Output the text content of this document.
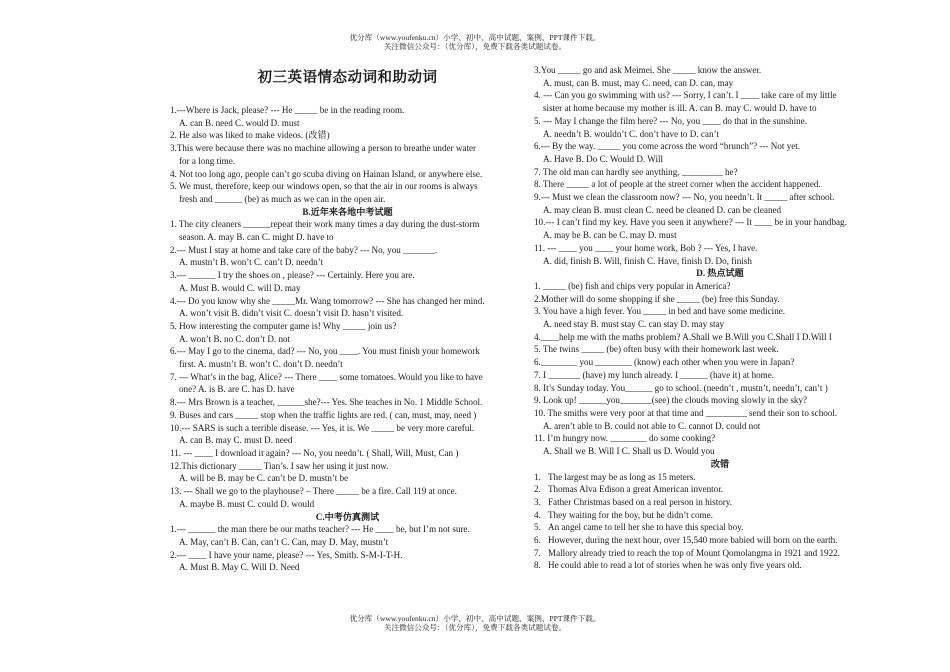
优分库（www.youfenku.cn）小学、初中、高中试题、案例、PPT课件下载。
关注微信公众号：（优分库），免费下载各类试题试卷。
初三英语情态动词和助动词
1.---Where is Jack, please? --- He _____ be in the reading room.
A. can B. need C. would D. must
2. He also was liked to make videos. (改错)
3.This were because there was no machine allowing a person to breathe under water
for a long time.
4. Not too long ago, people can’t go scuba diving on Hainan Island, or anywhere else.
5. We must, therefore, keep our windows open, so that the air in our rooms is always
fresh and ______ (be) as much as we can in the open air.
B.近年来各地中考试题
1. The city cleaners ______repeat their work many times a day during the dust-storm
season. A. may B. can C. might D. have to
2.--- Must I stay at home and take care of the baby? --- No, you _______.
A. mustn’t B. won’t C. can’t D. needn’t
3.--- ______ I try the shoes on , please? --- Certainly. Here you are.
A. Must B. would C. will D. may
4.--- Do you know why she _____Mr. Wang tomorrow? --- She has changed her mind.
A. won’t visit B. didn’t visit C. doesn’t visit D. hasn’t visited.
5. How interesting the computer game is! Why _____ join us?
A. won’t B. no C. don’t D. not
6.--- May I go to the cinema, dad? --- No, you ____. You must finish your homework
first. A. mustn’t B. won’t C. don’t D. needn’t
7. --- What’s in the bag, Alice? --- There ____ some tomatoes. Would you like to have
one? A. is B. are C. has D. have
8.--- Mrs Brown is a teacher, ______she?--- Yes. She teaches in No. 1 Middle School.
9. Buses and cars _____ stop when the traffic lights are red. ( can, must, may, need )
10.--- SARS is such a terrible disease. --- Yes, it is. We _____ be very more careful.
A. can B. may C. must D. need
11. --- ____ I download it again? --- No, you needn’t. ( Shall, Will, Must, Can )
12.This dictionary _____ Tian’s. I saw her using it just now.
A. will be B. may be C. can’t be D. mustn’t be
13. --- Shall we go to the playhouse? – There _____ be a fire. Call 119 at once.
A. maybe B. must C. could D. would
C.中考仿真测试
1.--- ______ the man there be our maths teacher? --- He ____ be, but I’m not sure.
A. May, can’t B. Can, can’t C. Can, may D. May, mustn’t
2.--- ____ I have your name, please? --- Yes, Smith. S-M-I-T-H.
A. Must B. May C. Will D. Need
3.You _____ go and ask Meimei. She _____ know the answer.
A. must, can B. must, may C. need, can D. can, may
4. --- Can you go swimming with us? --- Sorry, I can’t. I ____ take care of my little
sister at home because my mother is ill. A. can B. may C. would D. have to
5. --- May I change the film here? --- No, you ____ do that in the sunshine.
A. needn’t B. wouldn’t C. don’t have to D. can’t
6.--- By the way. _____ you come across the word “brunch”? --- Not yet.
A. Have B. Do C. Would D. Will
7. The old man can hardly see anything, _________ he?
8. There _____ a lot of people at the street corner when the accident happened.
9.--- Must we clean the classroom now? --- No, you needn’t. It _____ after school.
A. may clean B. must clean C. need be cleaned D. can be cleaned
10.--- I can’t find my key. Have you seen it anywhere? --- It ____ be in your handbag.
A. may be B. can be C. may D. must
11. --- ____ you ____ your home work, Bob ? --- Yes, I have.
A. did, finish B. Will, finish C. Have, finish D. Do, finish
D. 热点试题
1. _____ (be) fish and chips very popular in America?
2.Mother will do some shopping if she _____ (be) free this Sunday.
3. You have a high fever. You _____ in bed and have some medicine.
A. need stay B. must stay C. can stay D. may stay
4.____help me with the maths problem? A.Shall we B.Will you C.Shall I D.Will I
5. The twins _____ (be) often busy with their homework last week.
6.________ you ________ (know) each other when you were in Japan?
7. I _______ (have) my lunch already. I ______ (have it) at home.
8. It’s Sunday today. You______ go to school. (needn’t , mustn’t, needn’t, can’t )
9. Look up! ______you_______(see) the clouds moving slowly in the sky?
10. The smiths were very poor at that time and _________ send their son to school.
A. aren’t able to B. could not able to C. cannot D. could not
11. I’m hungry now. ________ do some cooking?
A. Shall we B. Will I C. Shall us D. Would you
改错
1. The largest may be as long as 15 meters.
2. Thomas Alva Edison a great American inventor.
3. Father Christmas based on a real person in history.
4. They waiting for the boy, but he didn’t come.
5. An angel came to tell her she to have this special boy.
6. However, during the next hour, over 15,540 more babied will born on the earth.
7. Mallory already tried to reach the top of Mount Qomolangma in 1921 and 1922.
8. He could able to read a lot of stories when he was only five years old.
优分库（www.youfenku.cn）小学、初中、高中试题、案例、PPT课件下载。
关注微信公众号：（优分库），免费下载各类试题试卷。
